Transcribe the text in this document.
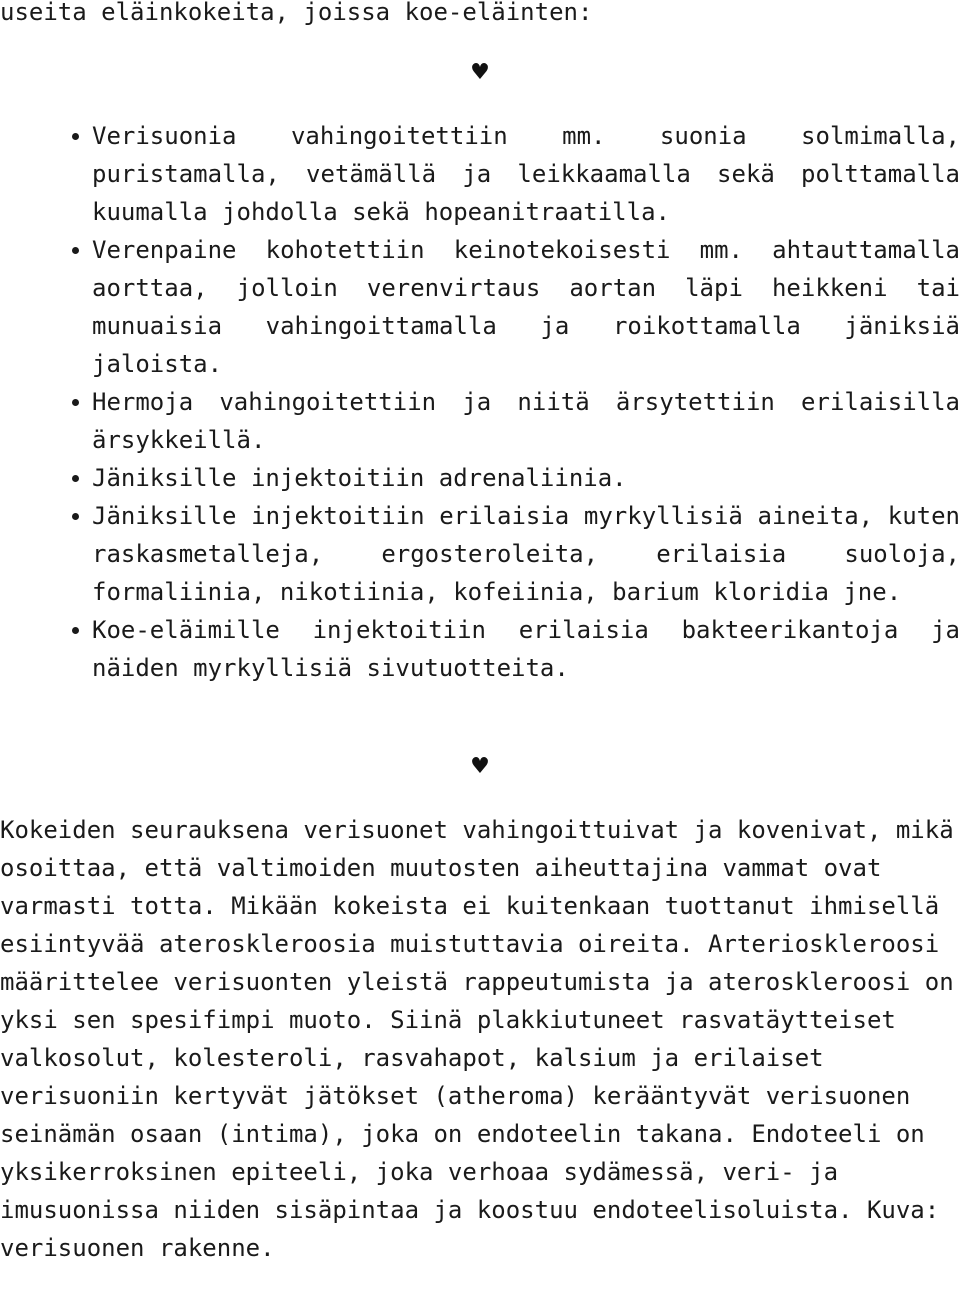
useita eläinkokeita, joissa koe-eläinten:
♥
Verisuonia vahingoitettiin mm. suonia solmimalla, puristamalla, vetämällä ja leikkaamalla sekä polttamalla kuumalla johdolla sekä hopeanitraatilla.
Verenpaine kohotettiin keinotekoisesti mm. ahtauttamalla aorttaa, jolloin verenvirtaus aortan läpi heikkeni tai munuaisia vahingoittamalla ja roikottamalla jäniksiä jaloista.
Hermoja vahingoitettiin ja niitä ärsytettiin erilaisilla ärsykkeillä.
Jäniksille injektoitiin adrenaliinia.
Jäniksille injektoitiin erilaisia myrkyllisiä aineita, kuten raskasmetalleja, ergosteroleita, erilaisia suoloja, formaliinia, nikotiinia, kofeiinia, barium kloridia jne.
Koe-eläimille injektoitiin erilaisia bakteerikantoja ja näiden myrkyllisiä sivutuotteita.
♥

Kokeiden seurauksena verisuonet vahingoittuivat ja kovenivat, mikä osoittaa, että valtimoiden muutosten aiheuttajina vammat ovat varmasti totta. Mikään kokeista ei kuitenkaan tuottanut ihmisellä esiintyvää ateroskleroosia muistuttavia oireita. Arterioskleroosi määrittelee verisuonten yleistä rappeutumista ja ateroskleroosi on yksi sen spesifimpi muoto. Siinä plakkiutuneet rasvatäytteiset valkosolut, kolesteroli, rasvahapot, kalsium ja erilaiset verisuoniin kertyvät jätökset (atheroma) kerääntyvät verisuonen seinämän osaan (intima), joka on endoteelin takana. Endoteeli on yksikerroksinen epiteeli, joka verhoaa sydämessä, veri- ja imusuonissa niiden sisäpintaa ja koostuu endoteelisoluista. Kuva: verisuonen rakenne.
